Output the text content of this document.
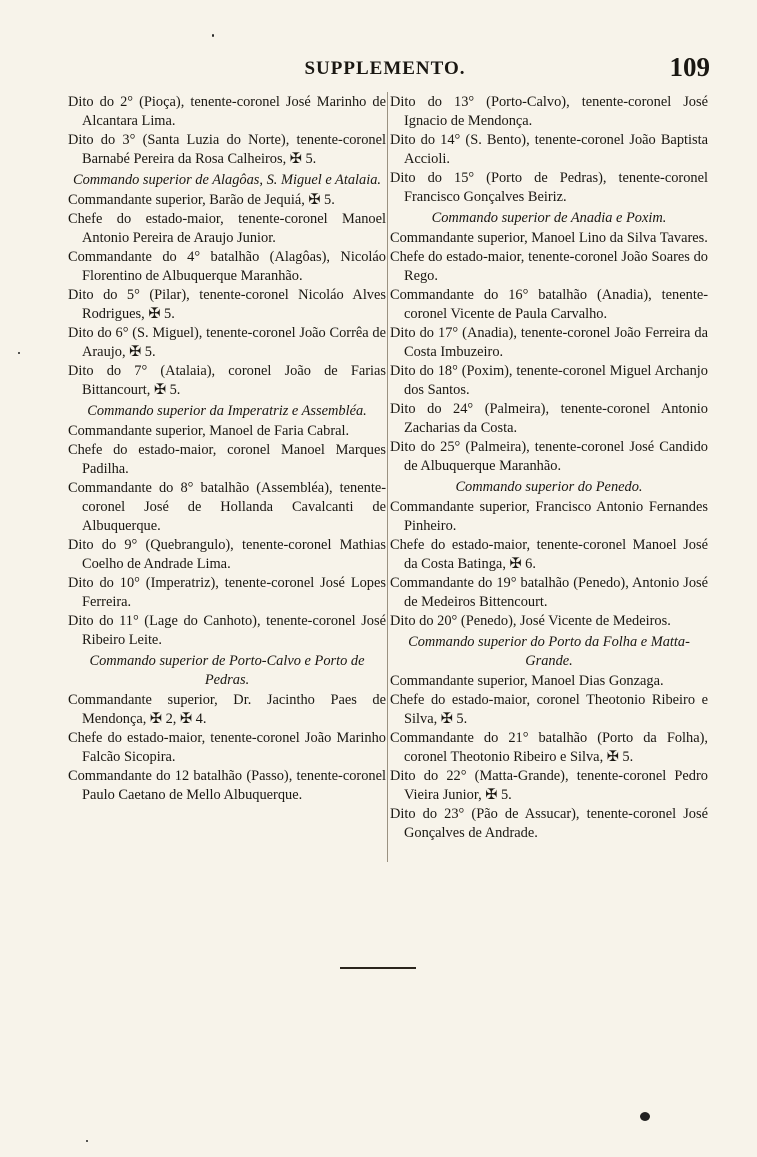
SUPPLEMENTO.	109

Dito do 2° (Pioça), tenente-coronel José Marinho de Alcantara Lima.

Dito do 3° (Santa Luzia do Norte), tenente-coronel Barnabé Pereira da Rosa Calheiros, ✠ 5.

Commando superior de Alagôas, S. Miguel e Atalaia.

Commandante superior, Barão de Jequiá, ✠ 5.

Chefe do estado-maior, tenente-coronel Manoel Antonio Pereira de Araujo Junior.

Commandante do 4° batalhão (Alagôas), Nicoláo Florentino de Albuquerque Maranhão.

Dito do 5° (Pilar), tenente-coronel Nicoláo Alves Rodrigues, ✠ 5.

Dito do 6° (S. Miguel), tenente-coronel João Corrêa de Araujo, ✠ 5.

Dito do 7° (Atalaia), coronel João de Farias Bittancourt, ✠ 5.

Commando superior da Imperatriz e Assembléa.

Commandante superior, Manoel de Faria Cabral.

Chefe do estado-maior, coronel Manoel Marques Padilha.

Commandante do 8° batalhão (Assembléa), tenente-coronel José de Hollanda Cavalcanti de Albuquerque.

Dito do 9° (Quebrangulo), tenente-coronel Mathias Coelho de Andrade Lima.

Dito do 10° (Imperatriz), tenente-coronel José Lopes Ferreira.

Dito do 11° (Lage do Canhoto), tenente-coronel José Ribeiro Leite.

Commando superior de Porto-Calvo e Porto de Pedras.

Commandante superior, Dr. Jacintho Paes de Mendonça, ✠ 2, ✠ 4.

Chefe do estado-maior, tenente-coronel João Marinho Falcão Sicopira.

Commandante do 12 batalhão (Passo), tenente-coronel Paulo Caetano de Mello Albuquerque.

Dito do 13° (Porto-Calvo), tenente-coronel José Ignacio de Mendonça.

Dito do 14° (S. Bento), tenente-coronel João Baptista Accioli.

Dito do 15° (Porto de Pedras), tenente-coronel Francisco Gonçalves Beiriz.

Commando superior de Anadia e Poxim.

Commandante superior, Manoel Lino da Silva Tavares.

Chefe do estado-maior, tenente-coronel João Soares do Rego.

Commandante do 16° batalhão (Anadia), tenente-coronel Vicente de Paula Carvalho.

Dito do 17° (Anadia), tenente-coronel João Ferreira da Costa Imbuzeiro.

Dito do 18° (Poxim), tenente-coronel Miguel Archanjo dos Santos.

Dito do 24° (Palmeira), tenente-coronel Antonio Zacharias da Costa.

Dito do 25° (Palmeira), tenente-coronel José Candido de Albuquerque Maranhão.

Commando superior do Penedo.

Commandante superior, Francisco Antonio Fernandes Pinheiro.

Chefe do estado-maior, tenente-coronel Manoel José da Costa Batinga, ✠ 6.

Commandante do 19° batalhão (Penedo), Antonio José de Medeiros Bittencourt.

Dito do 20° (Penedo), José Vicente de Medeiros.

Commando superior do Porto da Folha e Matta-Grande.

Commandante superior, Manoel Dias Gonzaga.

Chefe do estado-maior, coronel Theotonio Ribeiro e Silva, ✠ 5.

Commandante do 21° batalhão (Porto da Folha), coronel Theotonio Ribeiro e Silva, ✠ 5.

Dito do 22° (Matta-Grande), tenente-coronel Pedro Vieira Junior, ✠ 5.

Dito do 23° (Pão de Assucar), tenente-coronel José Gonçalves de Andrade.
